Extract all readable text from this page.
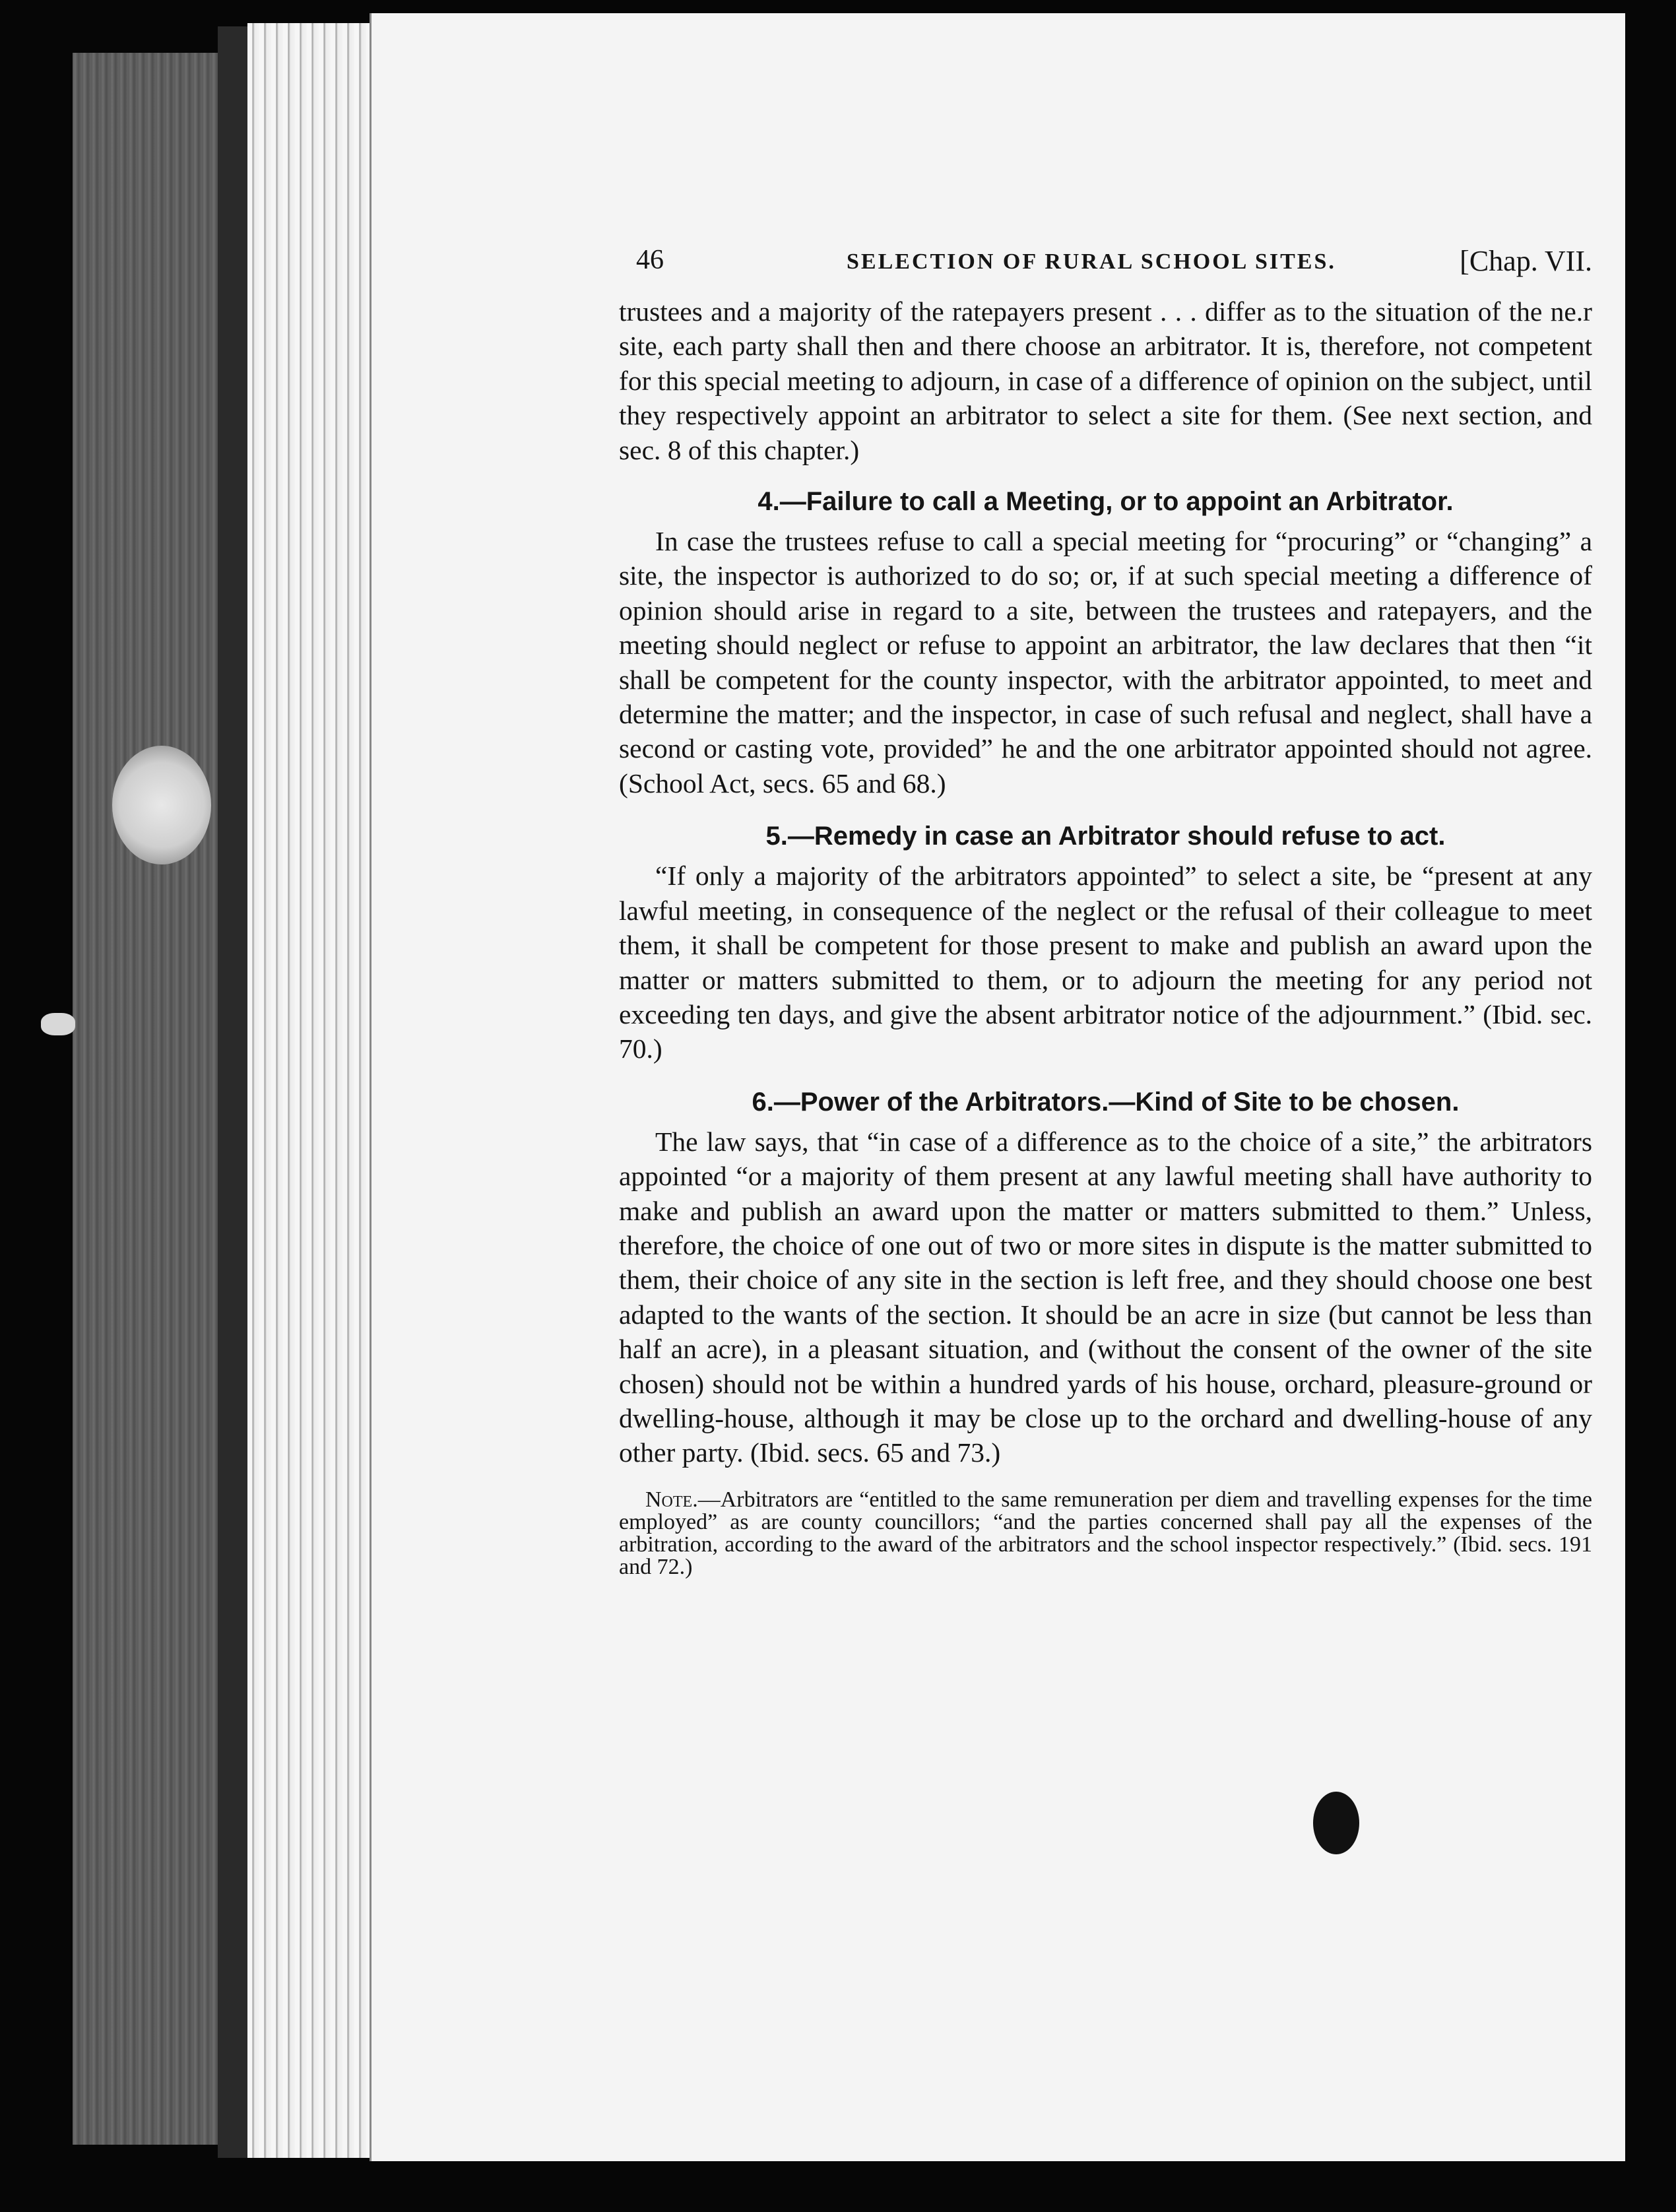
46	SELECTION OF RURAL SCHOOL SITES.	[Chap. VII.

trustees and a majority of the ratepayers present . . . differ as to the situation of the ne.r site, each party shall then and there choose an arbitrator. It is, therefore, not competent for this special meeting to adjourn, in case of a difference of opinion on the subject, until they respectively appoint an arbitrator to select a site for them. (See next section, and sec. 8 of this chapter.)

4.—Failure to call a Meeting, or to appoint an Arbitrator.

In case the trustees refuse to call a special meeting for “procuring” or “changing” a site, the inspector is authorized to do so; or, if at such special meeting a difference of opinion should arise in regard to a site, between the trustees and ratepayers, and the meeting should neglect or refuse to appoint an arbitrator, the law declares that then “it shall be competent for the county inspector, with the arbitrator appointed, to meet and determine the matter; and the inspector, in case of such refusal and neglect, shall have a second or casting vote, provided” he and the one arbitrator appointed should not agree. (School Act, secs. 65 and 68.)

5.—Remedy in case an Arbitrator should refuse to act.

“If only a majority of the arbitrators appointed” to select a site, be “present at any lawful meeting, in consequence of the neglect or the refusal of their colleague to meet them, it shall be competent for those present to make and publish an award upon the matter or matters submitted to them, or to adjourn the meeting for any period not exceeding ten days, and give the absent arbitrator notice of the adjournment.” (Ibid. sec. 70.)

6.—Power of the Arbitrators.—Kind of Site to be chosen.

The law says, that “in case of a difference as to the choice of a site,” the arbitrators appointed “or a majority of them present at any lawful meeting shall have authority to make and publish an award upon the matter or matters submitted to them.” Unless, therefore, the choice of one out of two or more sites in dispute is the matter submitted to them, their choice of any site in the section is left free, and they should choose one best adapted to the wants of the section. It should be an acre in size (but cannot be less than half an acre), in a pleasant situation, and (without the consent of the owner of the site chosen) should not be within a hundred yards of his house, orchard, pleasure-ground or dwelling-house, although it may be close up to the orchard and dwelling-house of any other party. (Ibid. secs. 65 and 73.)

Note.—Arbitrators are “entitled to the same remuneration per diem and travelling expenses for the time employed” as are county councillors; “and the parties concerned shall pay all the expenses of the arbitration, according to the award of the arbitrators and the school inspector respectively.” (Ibid. secs. 191 and 72.)
